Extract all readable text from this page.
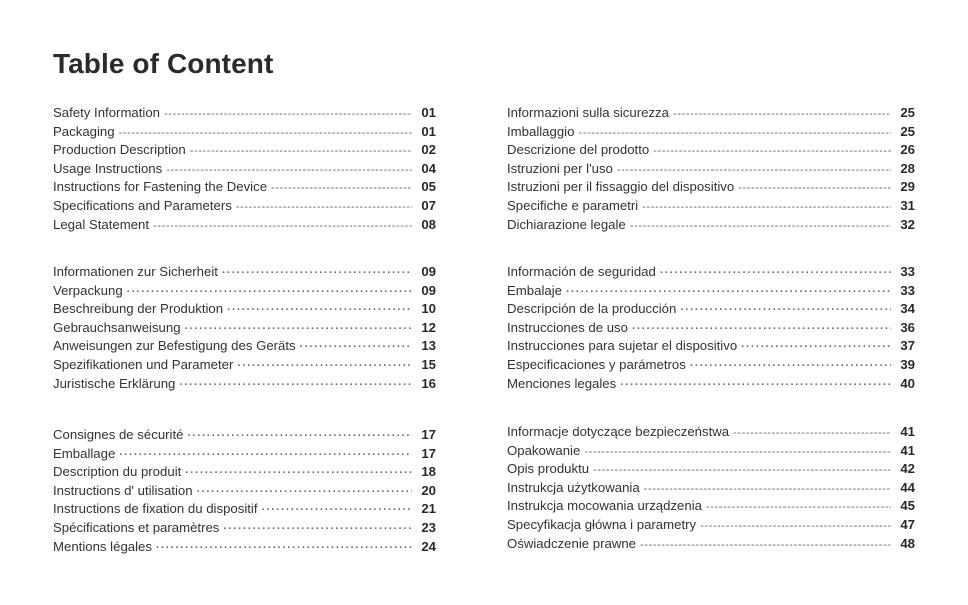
Table of Content
Safety Information -----	01
Packaging -----	01
Production Description -----	02
Usage Instructions -----	04
Instructions for Fastening the Device -----	05
Specifications and Parameters -----	07
Legal Statement -----	08
Informationen zur Sicherheit ·····	09
Verpackung ·····	09
Beschreibung der Produktion ·····	10
Gebrauchsanweisung ·····	12
Anweisungen zur Befestigung des Geräts ·····	13
Spezifikationen und Parameter ·····	15
Juristische Erklärung ·····	16
Consignes de sécurité ·····	17
Emballage ·····	17
Description du produit ·····	18
Instructions d' utilisation ·····	20
Instructions de fixation du dispositif ·····	21
Spécifications et paramètres ·····	23
Mentions légales ·····	24
Informazioni sulla sicurezza -----	25
Imballaggio -----	25
Descrizione del prodotto -----	26
Istruzioni per l'uso -----	28
Istruzioni per il fissaggio del dispositivo -----	29
Specifiche e parametri -----	31
Dichiarazione legale -----	32
Información de seguridad ·····	33
Embalaje ·····	33
Descripción de la producción ·····	34
Instrucciones de uso ·····	36
Instrucciones para sujetar el dispositivo ·····	37
Especificaciones y parámetros ·····	39
Menciones legales ·····	40
Informacje dotyczące bezpieczeństwa -----	41
Opakowanie -----	41
Opis produktu -----	42
Instrukcja użytkowania -----	44
Instrukcja mocowania urządzenia -----	45
Specyfikacja główna i parametry -----	47
Oświadczenie prawne -----	48
